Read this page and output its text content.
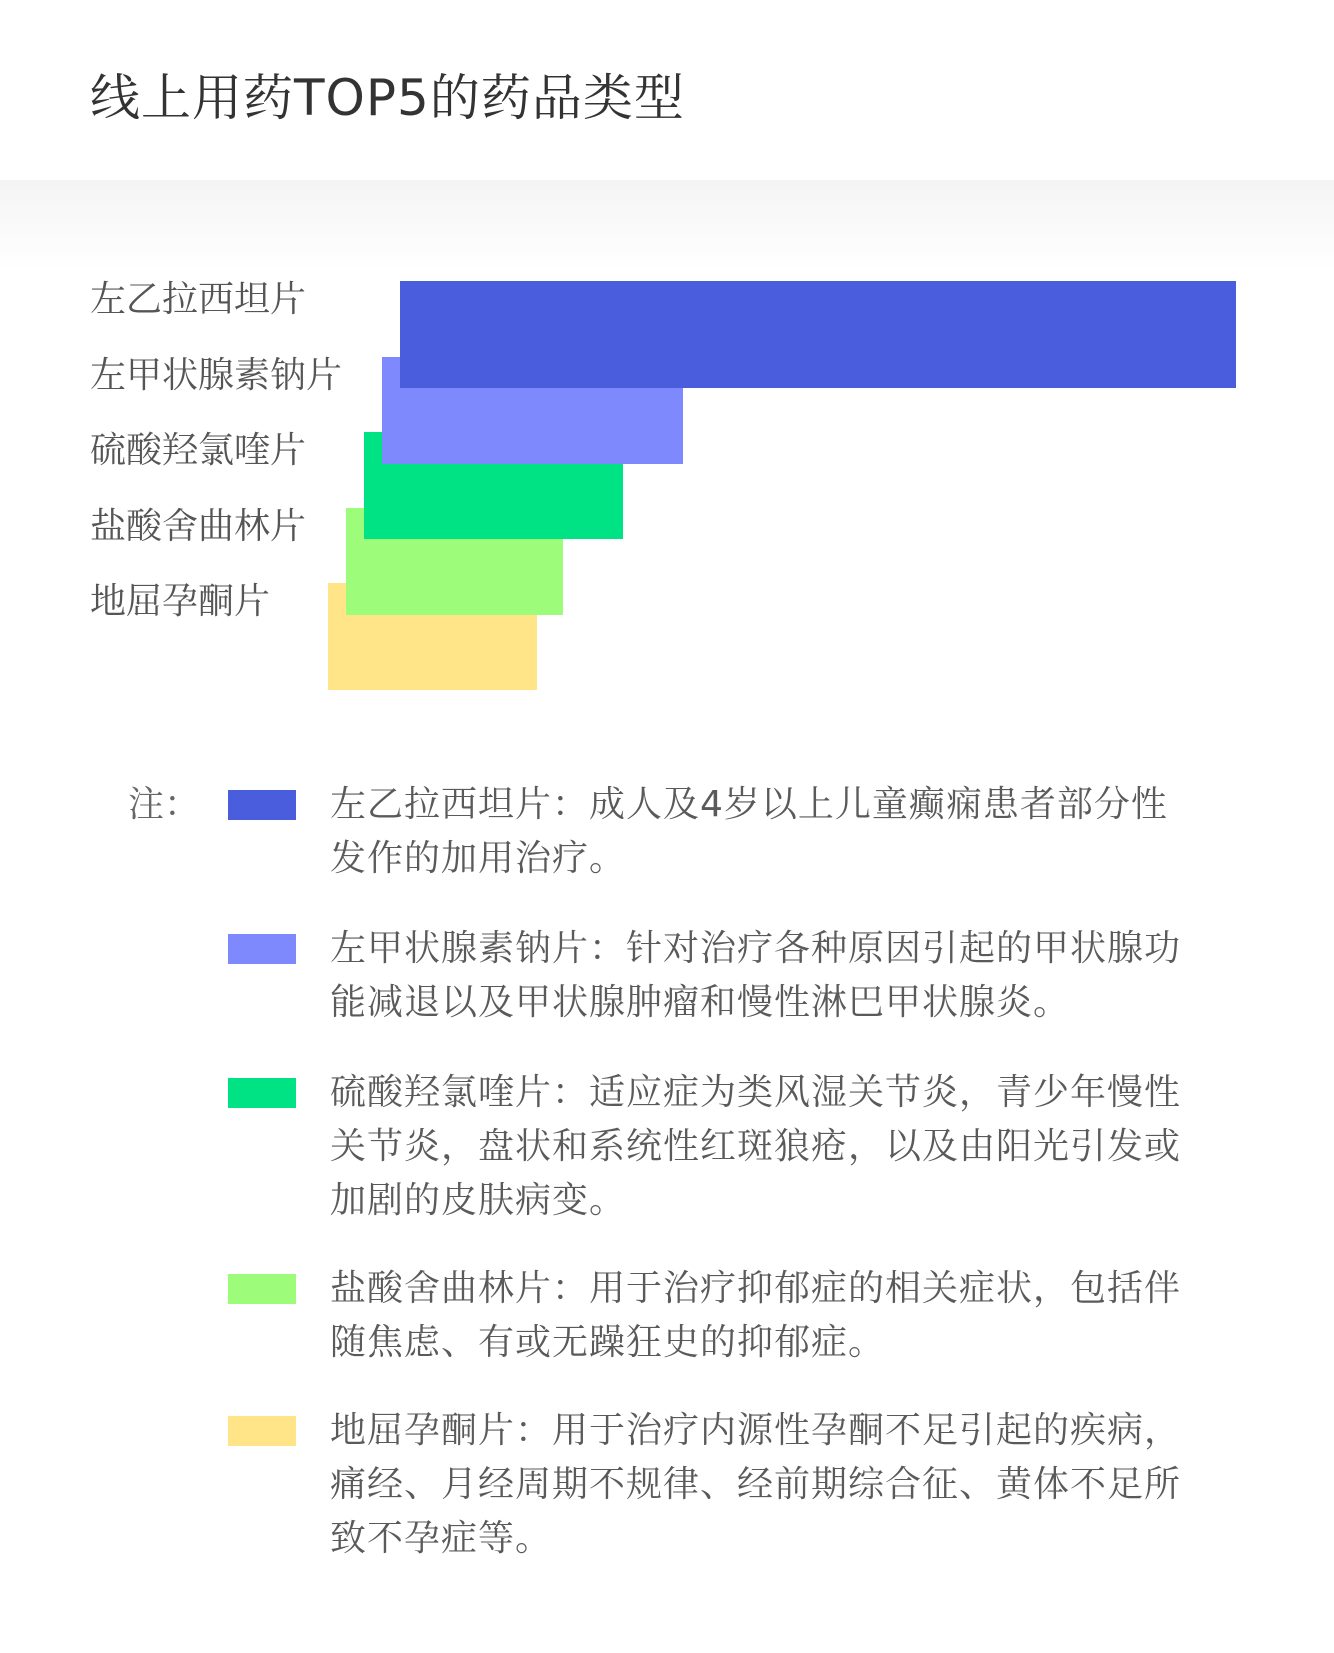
线上用药TOP5的药品类型
左乙拉西坦片
左甲状腺素钠片
硫酸羟氯喹片
盐酸舍曲林片
地屈孕酮片
注：	左乙拉西坦片：成人及4岁以上儿童癫痫患者部分性发作的加用治疗。
左甲状腺素钠片：针对治疗各种原因引起的甲状腺功能减退以及甲状腺肿瘤和慢性淋巴甲状腺炎。
硫酸羟氯喹片：适应症为类风湿关节炎，青少年慢性关节炎，盘状和系统性红斑狼疮，以及由阳光引发或加剧的皮肤病变。
盐酸舍曲林片：用于治疗抑郁症的相关症状，包括伴随焦虑、有或无躁狂史的抑郁症。
地屈孕酮片：用于治疗内源性孕酮不足引起的疾病，痛经、月经周期不规律、经前期综合征、黄体不足所致不孕症等。
